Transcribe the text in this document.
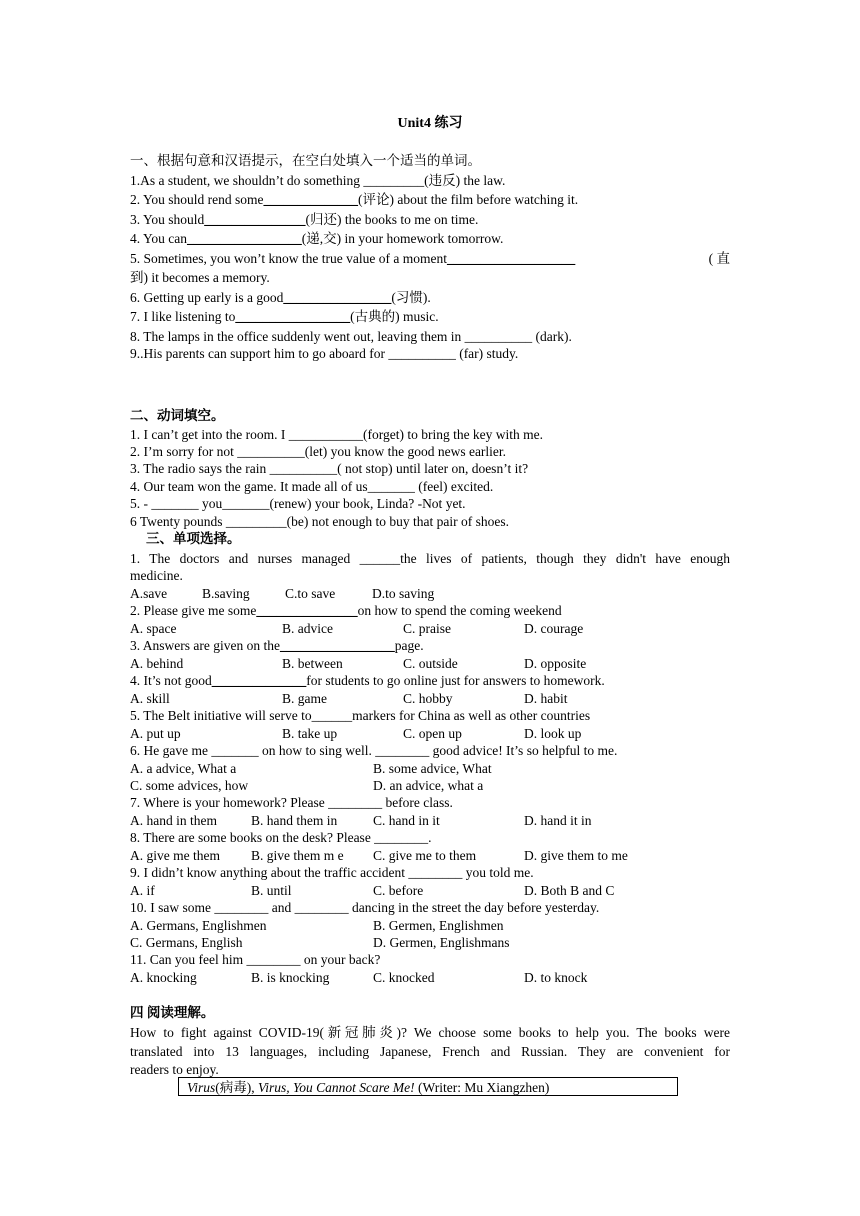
Unit4 练习
一、根据句意和汉语提示，在空白处填入一个适当的单词。
1.As a student, we shouldn’t do something _________(违反) the law.
2. You should rend some______________(评论) about the film before watching it.
3. You should_______________(归还) the books to me on time.
4. You can_________________(递,交) in your homework tomorrow.
5. Sometimes, you won’t know the true value of a moment___________________	( 直
到) it becomes a memory.
6. Getting up early is a good________________(习惯).
7. I like listening to_________________(古典的) music.
8. The lamps in the office suddenly went out, leaving them in __________ (dark).
9..His parents can support him to go aboard for __________ (far) study.
二、动词填空。
1. I can’t get into the room. I ___________(forget) to bring the key with me.
2. I’m sorry for not __________(let) you know the good news earlier.
3. The radio says the rain __________( not stop) until later on, doesn’t it?
4. Our team won the game. It made all of us_______ (feel) excited.
5. - _______ you_______(renew) your book, Linda? -Not yet.
6 Twenty pounds _________(be) not enough to buy that pair of shoes.
三、单项选择。
1. The doctors and nurses managed ______the lives of patients, though they didn't have enough
medicine.
A.save	B.saving	C.to save	D.to saving
2. Please give me some_______________on how to spend the coming weekend
A. space	B. advice	C. praise	D. courage
3. Answers are given on the_________________page.
A. behind	B. between	C. outside	D. opposite
4. It’s not good______________for students to go online just for answers to homework.
A. skill	B. game	C. hobby	D. habit
5. The Belt initiative will serve to______markers for China as well as other countries
A. put up	B. take up	C. open up	D. look up
6. He gave me _______ on how to sing well. ________ good advice! It’s so helpful to me.
A. a advice, What a	B. some advice, What
C. some advices, how	D. an advice, what a
7. Where is your homework? Please ________ before class.
A. hand in them	B. hand them in	C. hand in it	D. hand it in
8. There are some books on the desk? Please ________.
A. give me them B. give them m e C. give me to them	D. give them to me
9. I didn’t know anything about the traffic accident ________ you told me.
A. if	B. until	C. before	D. Both B and C
10. I saw some ________ and ________ dancing in the street the day before yesterday.
A. Germans, Englishmen	B. Germen, Englishmen
C. Germans, English	D. Germen, Englishmans
11. Can you feel him ________ on your back?
A. knocking	B. is knocking	C. knocked	D. to knock
四 阅读理解。
How to fight against COVID-19(新冠肺炎)? We choose some books to help you. The books were
translated into 13 languages, including Japanese, French and Russian. They are convenient for
readers to enjoy.
Virus(病毒), Virus, You Cannot Scare Me! (Writer: Mu Xiangzhen)
